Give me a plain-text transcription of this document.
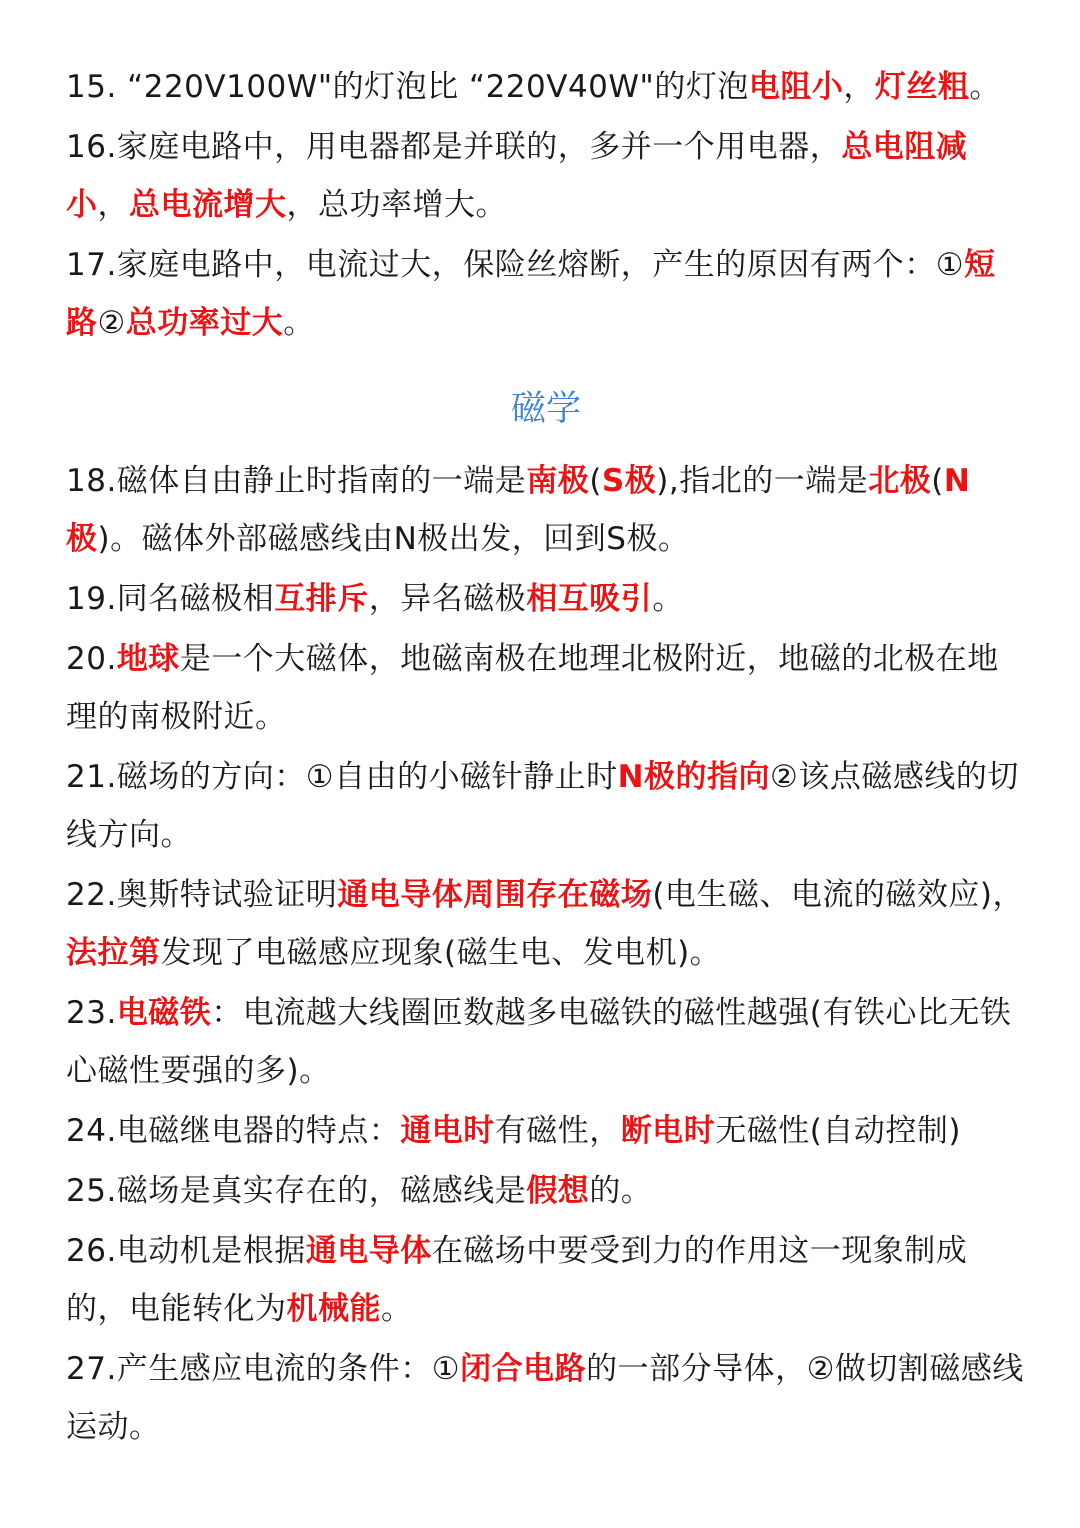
15. “220V100W"的灯泡比 “220V40W"的灯泡电阻小，灯丝粗。
16.家庭电路中，用电器都是并联的，多并一个用电器，总电阻减小，总电流增大，总功率增大。
17.家庭电路中，电流过大，保险丝熔断，产生的原因有两个：①短路②总功率过大。
磁学
18.磁体自由静止时指南的一端是南极(S极),指北的一端是北极(N极)。磁体外部磁感线由N极出发，回到S极。
19.同名磁极相互排斥，异名磁极相互吸引。
20.地球是一个大磁体，地磁南极在地理北极附近，地磁的北极在地理的南极附近。
21.磁场的方向：①自由的小磁针静止时N极的指向②该点磁感线的切线方向。
22.奥斯特试验证明通电导体周围存在磁场(电生磁、电流的磁效应)，法拉第发现了电磁感应现象(磁生电、发电机)。
23.电磁铁：电流越大线圈匝数越多电磁铁的磁性越强(有铁心比无铁心磁性要强的多)。
24.电磁继电器的特点：通电时有磁性，断电时无磁性(自动控制)
25.磁场是真实存在的，磁感线是假想的。
26.电动机是根据通电导体在磁场中要受到力的作用这一现象制成的，电能转化为机械能。
27.产生感应电流的条件：①闭合电路的一部分导体，②做切割磁感线运动。
